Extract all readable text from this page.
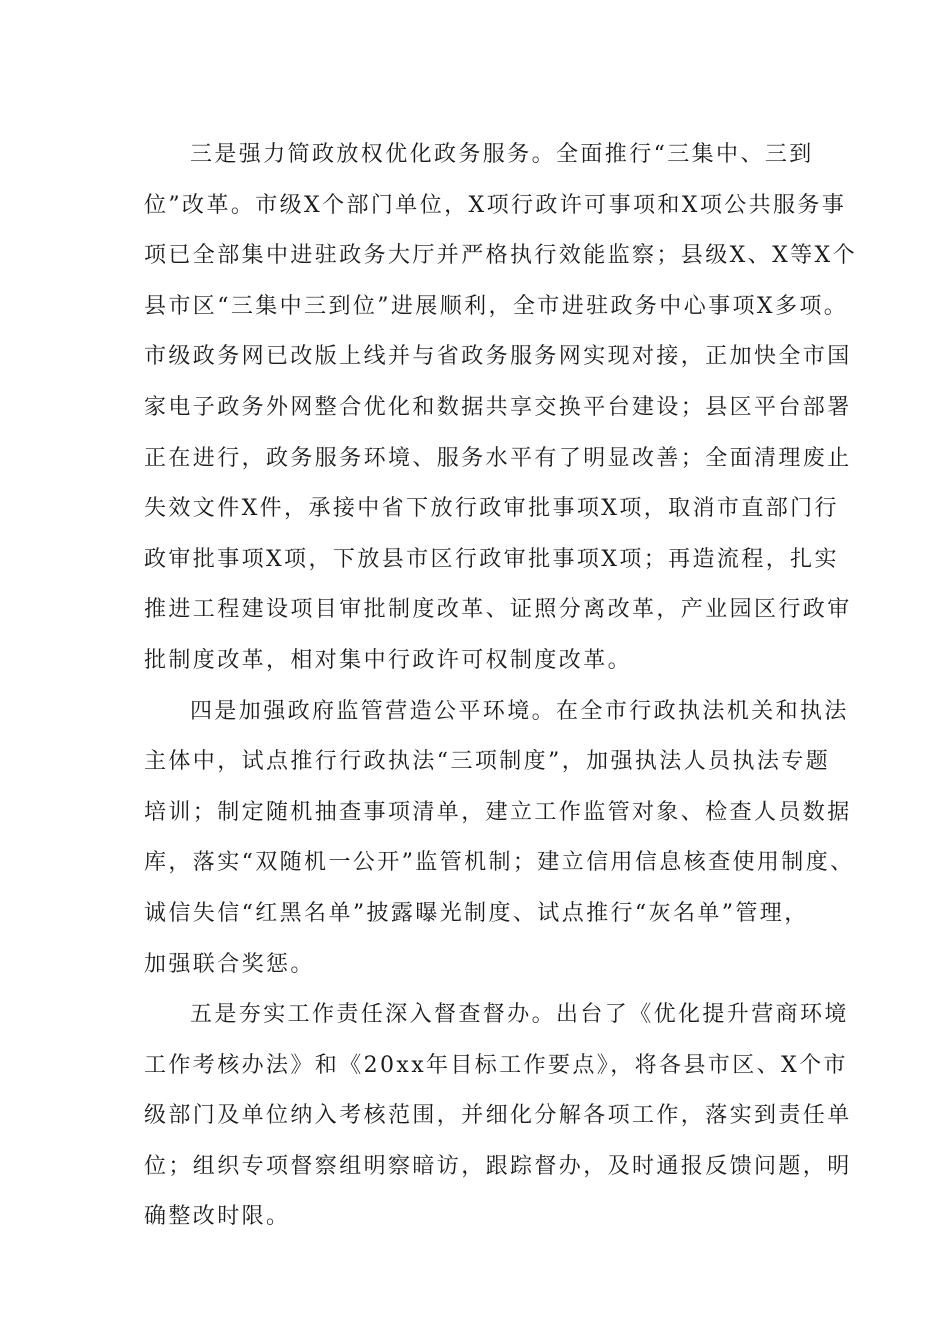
三是强力简政放权优化政务服务。全面推行“三集中、三到
位”改革。市级X个部门单位，X项行政许可事项和X项公共服务事
项已全部集中进驻政务大厅并严格执行效能监察；县级X、X等X个
县市区“三集中三到位”进展顺利，全市进驻政务中心事项X多项。
市级政务网已改版上线并与省政务服务网实现对接，正加快全市国
家电子政务外网整合优化和数据共享交换平台建设；县区平台部署
正在进行，政务服务环境、服务水平有了明显改善；全面清理废止
失效文件X件，承接中省下放行政审批事项X项，取消市直部门行
政审批事项X项，下放县市区行政审批事项X项；再造流程，扎实
推进工程建设项目审批制度改革、证照分离改革，产业园区行政审
批制度改革，相对集中行政许可权制度改革。
四是加强政府监管营造公平环境。在全市行政执法机关和执法
主体中，试点推行行政执法“三项制度”，加强执法人员执法专题
培训；制定随机抽查事项清单，建立工作监管对象、检查人员数据
库，落实“双随机一公开”监管机制；建立信用信息核查使用制度、
诚信失信“红黑名单”披露曝光制度、试点推行“灰名单”管理，
加强联合奖惩。
五是夯实工作责任深入督查督办。出台了《优化提升营商环境
工作考核办法》和《20xx年目标工作要点》，将各县市区、X个市
级部门及单位纳入考核范围，并细化分解各项工作，落实到责任单
位；组织专项督察组明察暗访，跟踪督办，及时通报反馈问题，明
确整改时限。
